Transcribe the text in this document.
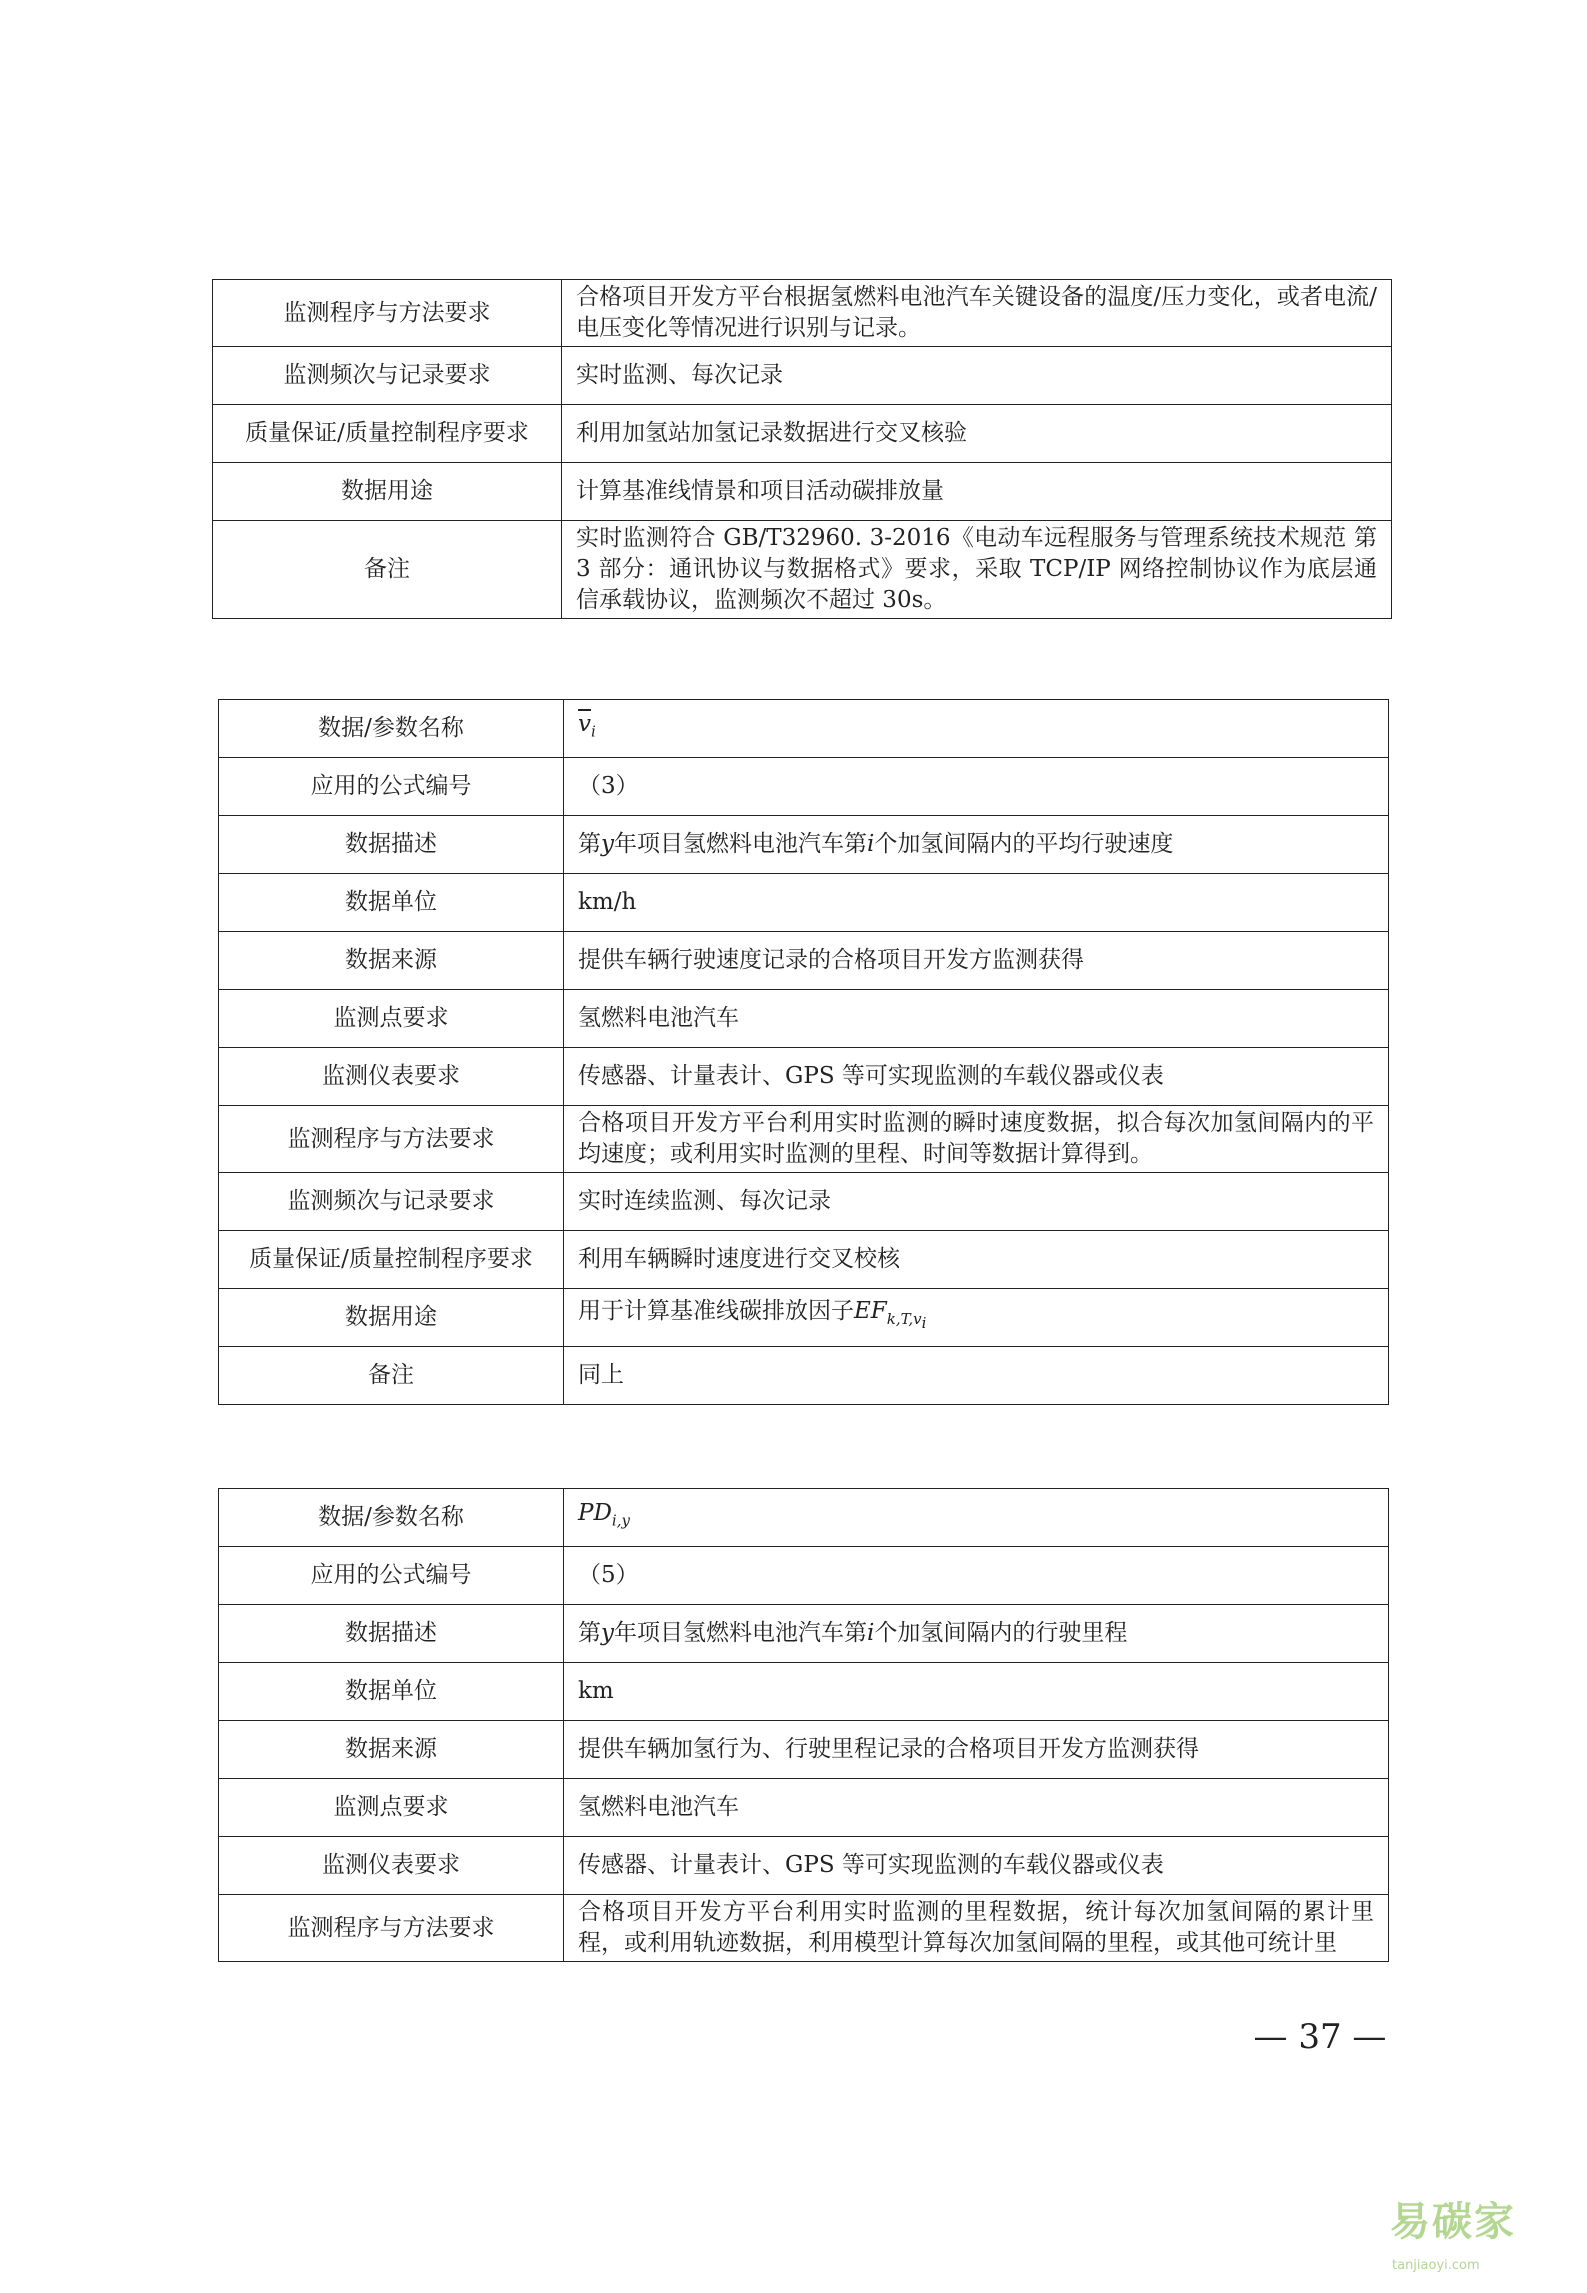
监测程序与方法要求	合格项目开发方平台根据氢燃料电池汽车关键设备的温度/压力变化，或者电流/电压变化等情况进行识别与记录。
监测频次与记录要求	实时监测、每次记录
质量保证/质量控制程序要求	利用加氢站加氢记录数据进行交叉核验
数据用途	计算基准线情景和项目活动碳排放量
备注	实时监测符合 GB/T32960. 3-2016《电动车远程服务与管理系统技术规范 第 3 部分：通讯协议与数据格式》要求，采取 TCP/IP 网络控制协议作为底层通信承载协议，监测频次不超过 30s。
数据/参数名称	$\overline{v}_i$
应用的公式编号	（3）
数据描述	第y年项目氢燃料电池汽车第i个加氢间隔内的平均行驶速度
数据单位	km/h
数据来源	提供车辆行驶速度记录的合格项目开发方监测获得
监测点要求	氢燃料电池汽车
监测仪表要求	传感器、计量表计、GPS 等可实现监测的车载仪器或仪表
监测程序与方法要求	合格项目开发方平台利用实时监测的瞬时速度数据，拟合每次加氢间隔内的平均速度；或利用实时监测的里程、时间等数据计算得到。
监测频次与记录要求	实时连续监测、每次记录
质量保证/质量控制程序要求	利用车辆瞬时速度进行交叉校核
数据用途	用于计算基准线碳排放因子$EF_{k,T,v_i}$
备注	同上
数据/参数名称	$PD_{i,y}$
应用的公式编号	（5）
数据描述	第y年项目氢燃料电池汽车第i个加氢间隔内的行驶里程
数据单位	km
数据来源	提供车辆加氢行为、行驶里程记录的合格项目开发方监测获得
监测点要求	氢燃料电池汽车
监测仪表要求	传感器、计量表计、GPS 等可实现监测的车载仪器或仪表
监测程序与方法要求	合格项目开发方平台利用实时监测的里程数据，统计每次加氢间隔的累计里程，或利用轨迹数据，利用模型计算每次加氢间隔的里程，或其他可统计里
— 37 —
易碳家$^{tanjiaoyi.com}$
